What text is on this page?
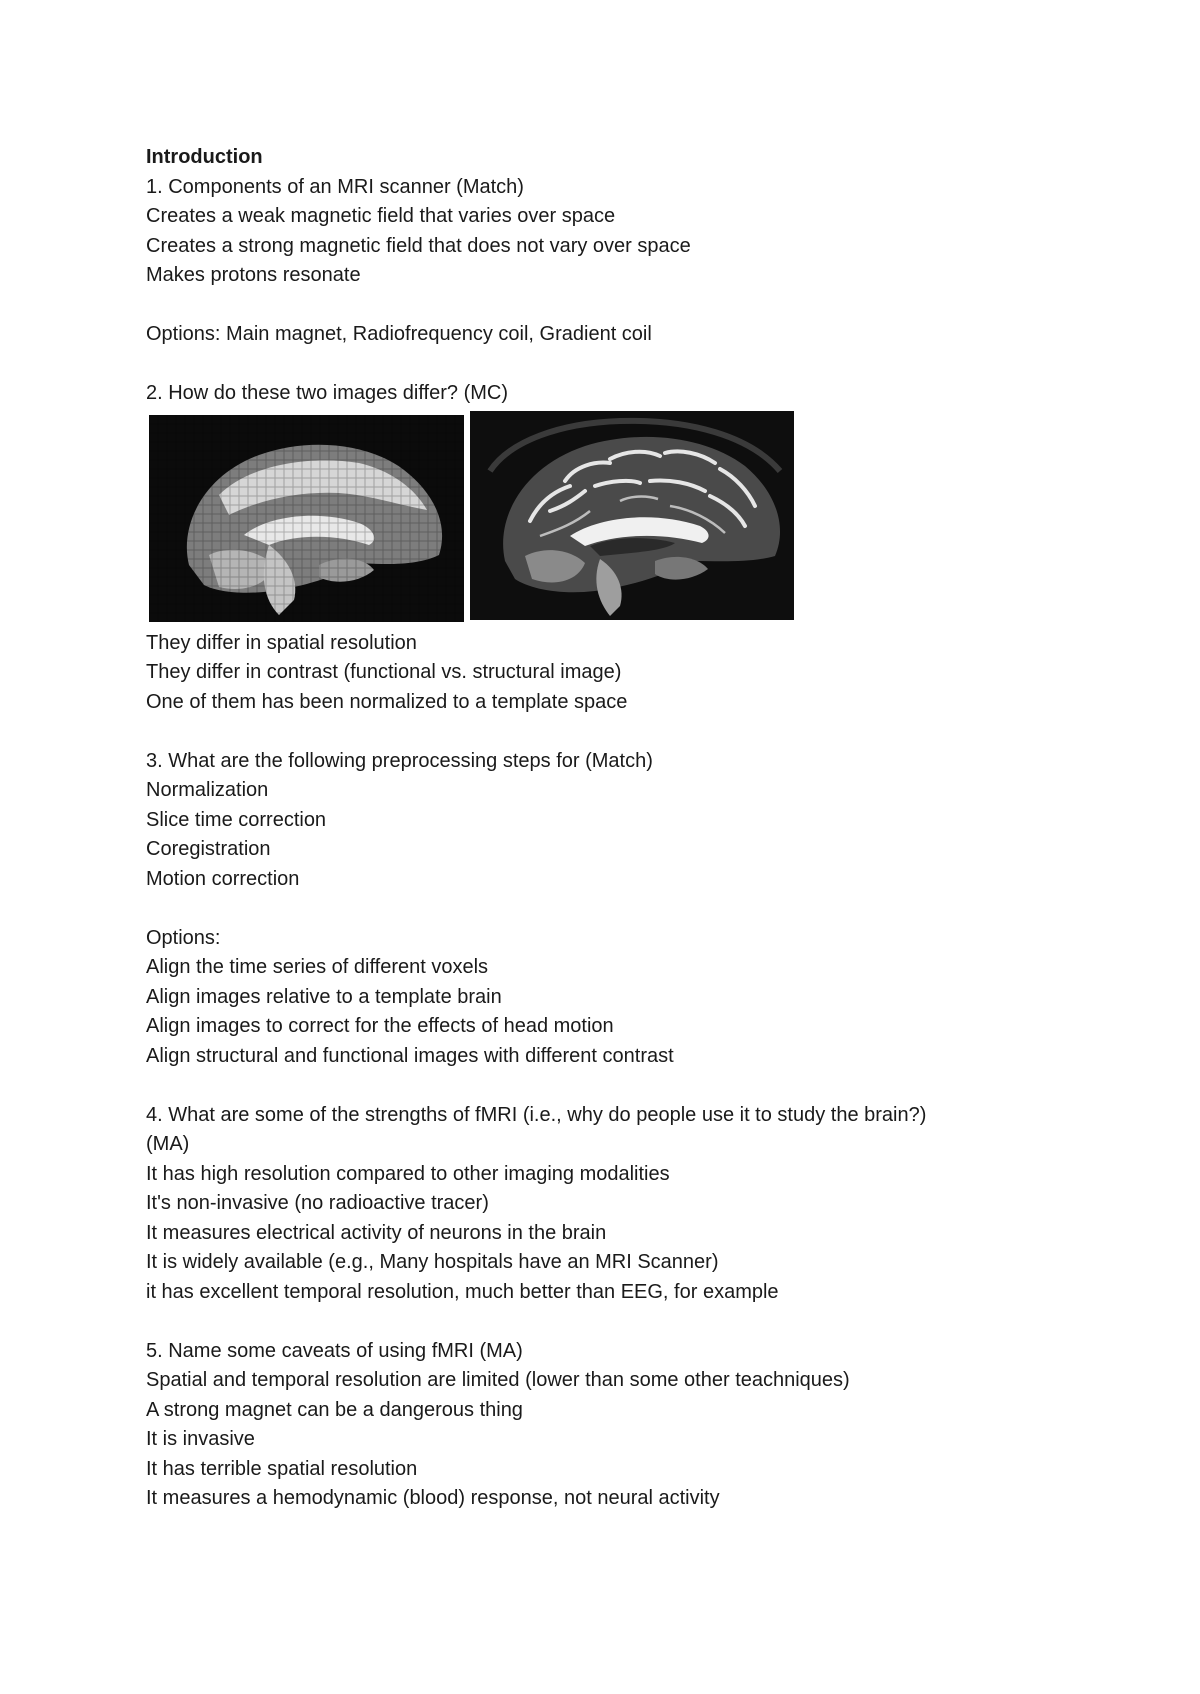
Introduction

1. Components of an MRI scanner (Match)

Creates a weak magnetic field that varies over space

Creates a strong magnetic field that does not vary over space

Makes protons resonate

Options: Main magnet, Radiofrequency coil, Gradient coil

2. How do these two images differ? (MC)

They differ in spatial resolution

They differ in contrast (functional vs. structural image)

One of them has been normalized to a template space

3. What are the following preprocessing steps for (Match)

Normalization

Slice time correction

Coregistration

Motion correction

Options:

Align the time series of different voxels

Align images relative to a template brain

Align images to correct for the effects of head motion

Align structural and functional images with different contrast

4. What are some of the strengths of fMRI (i.e., why do people use it to study the brain?)

(MA)

It has high resolution compared to other imaging modalities

It's non-invasive (no radioactive tracer)

It measures electrical activity of neurons in the brain

It is widely available (e.g., Many hospitals have an MRI Scanner)

it has excellent temporal resolution, much better than EEG, for example

5. Name some caveats of using fMRI (MA)

Spatial and temporal resolution are limited (lower than some other teachniques)

A strong magnet can be a dangerous thing

It is invasive

It has terrible spatial resolution

It measures a hemodynamic (blood) response, not neural activity
